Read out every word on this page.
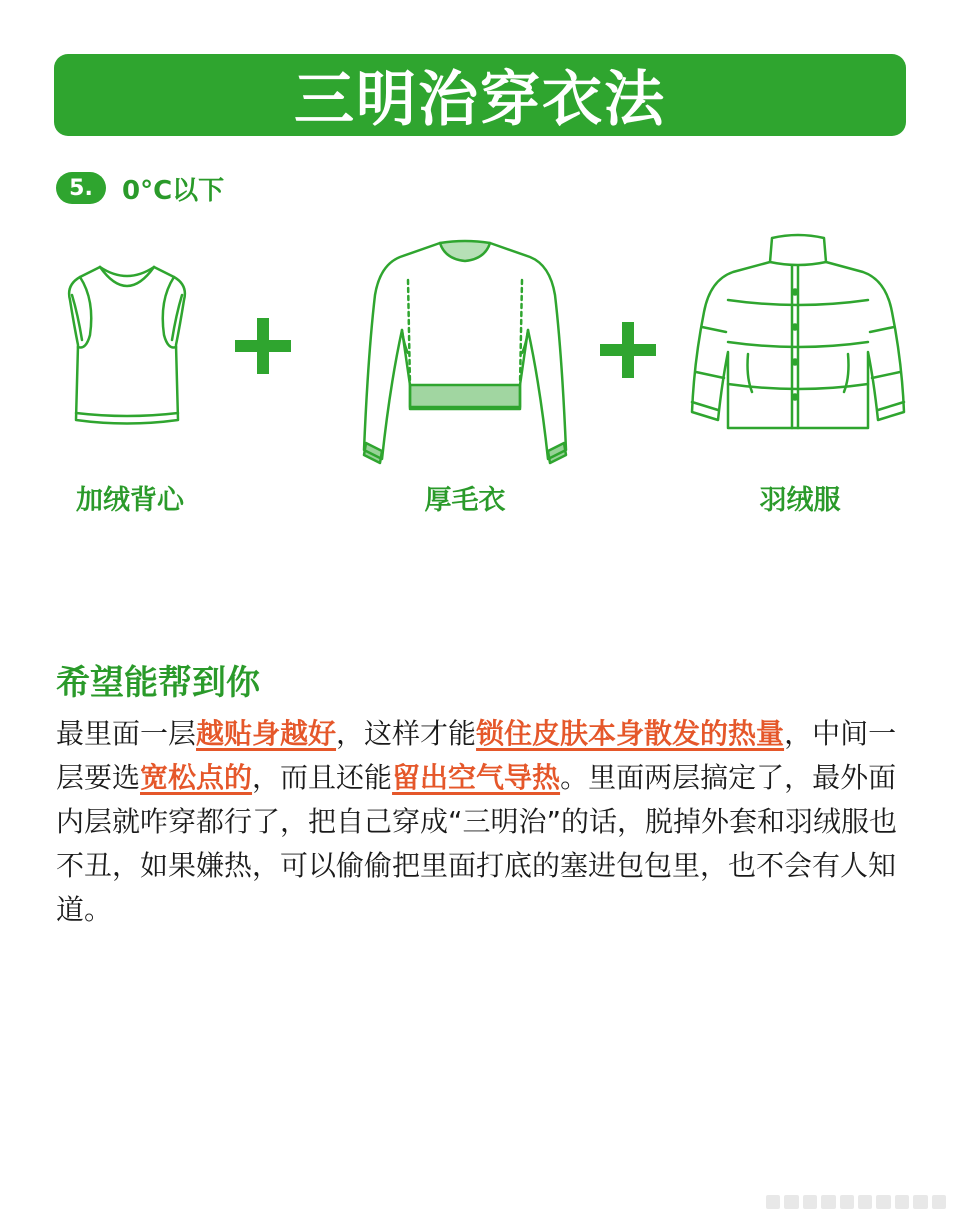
三明治穿衣法
5.	0°C以下
加绒背心	厚毛衣	羽绒服
希望能帮到你
最里面一层越贴身越好，这样才能锁住皮肤本身散发的热量，中间一层要选宽松点的，而且还能留出空气导热。里面两层搞定了，最外面内层就咋穿都行了，把自己穿成“三明治”的话，脱掉外套和羽绒服也不丑，如果嫌热，可以偷偷把里面打底的塞进包包里，也不会有人知道。
